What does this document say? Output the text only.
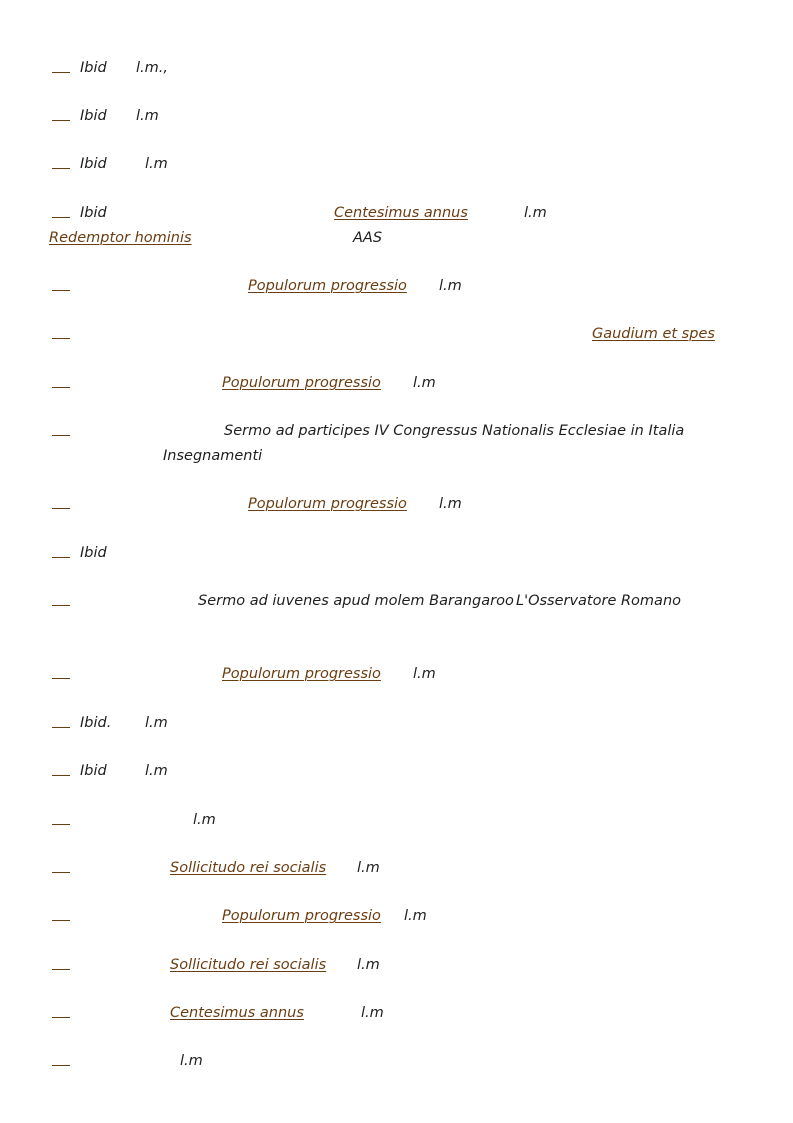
Ibid l.m.,
Ibid l.m
Ibid	l.m
Ibid	Centesimus annus	l.m
Redemptor hominis	AAS
Populorum progressio l.m
Gaudium et spes
Populorum progressio l.m
Sermo ad participes IV Congressus Nationalis Ecclesiae in Italia
Insegnamenti
Populorum progressio l.m
Ibid
Sermo ad iuvenes apud molem Barangaroo L'Osservatore Romano
Populorum progressio l.m
Ibid. l.m
Ibid	l.m
l.m
Sollicitudo rei socialis l.m
Populorum progressio l.m
Sollicitudo rei socialis l.m
Centesimus annus	l.m
l.m
